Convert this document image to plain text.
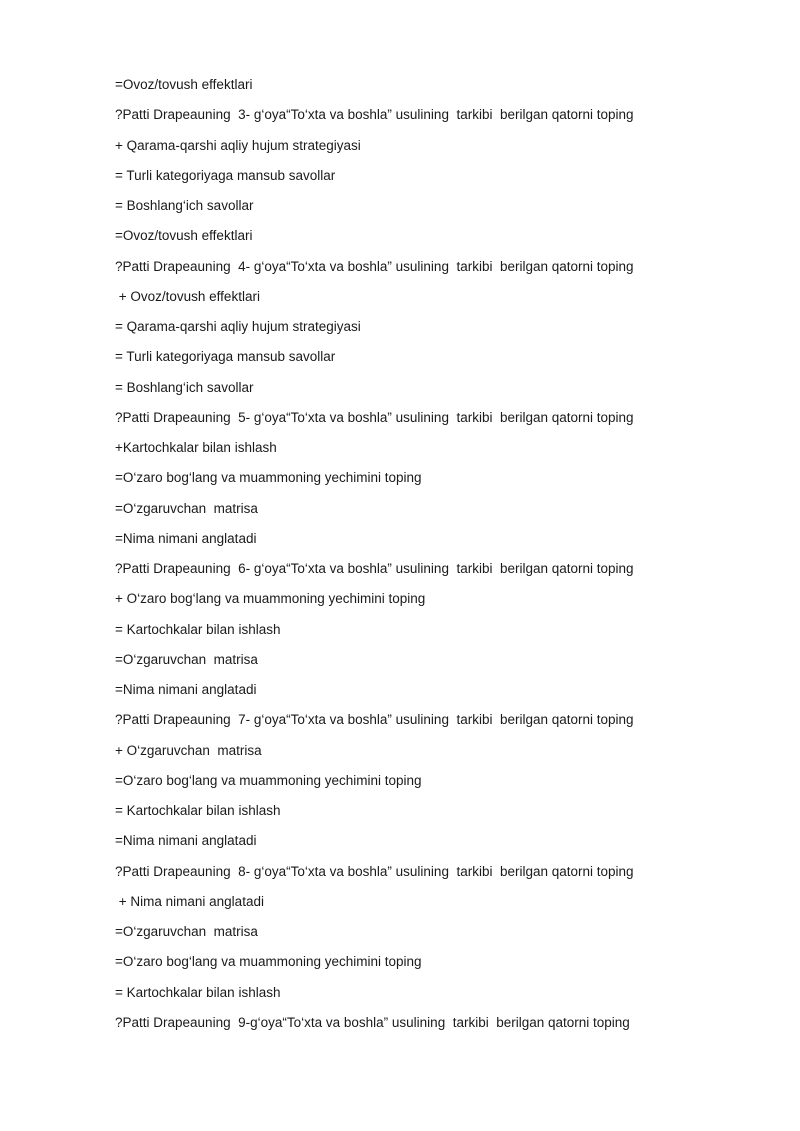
=Ovoz/tovush effektlari
?Patti Drapeauning  3- g‘oya“To‘xta va boshla” usulining  tarkibi  berilgan qatorni toping
+ Qarama-qarshi aqliy hujum strategiyasi
= Turli kategoriyaga mansub savollar
= Boshlang‘ich savollar
=Ovoz/tovush effektlari
?Patti Drapeauning  4- g‘oya“To‘xta va boshla” usulining  tarkibi  berilgan qatorni toping
+ Ovoz/tovush effektlari
= Qarama-qarshi aqliy hujum strategiyasi
= Turli kategoriyaga mansub savollar
= Boshlang‘ich savollar
?Patti Drapeauning  5- g‘oya“To‘xta va boshla” usulining  tarkibi  berilgan qatorni toping
+Kartochkalar bilan ishlash
=O‘zaro bog‘lang va muammoning yechimini toping
=O‘zgaruvchan  matrisa
=Nima nimani anglatadi
?Patti Drapeauning  6- g‘oya“To‘xta va boshla” usulining  tarkibi  berilgan qatorni toping
+ O‘zaro bog‘lang va muammoning yechimini toping
= Kartochkalar bilan ishlash
=O‘zgaruvchan  matrisa
=Nima nimani anglatadi
?Patti Drapeauning  7- g‘oya“To‘xta va boshla” usulining  tarkibi  berilgan qatorni toping
+ O‘zgaruvchan  matrisa
=O‘zaro bog‘lang va muammoning yechimini toping
= Kartochkalar bilan ishlash
=Nima nimani anglatadi
?Patti Drapeauning  8- g‘oya“To‘xta va boshla” usulining  tarkibi  berilgan qatorni toping
+ Nima nimani anglatadi
=O‘zgaruvchan  matrisa
=O‘zaro bog‘lang va muammoning yechimini toping
= Kartochkalar bilan ishlash
?Patti Drapeauning  9-g‘oya“To‘xta va boshla” usulining  tarkibi  berilgan qatorni toping
